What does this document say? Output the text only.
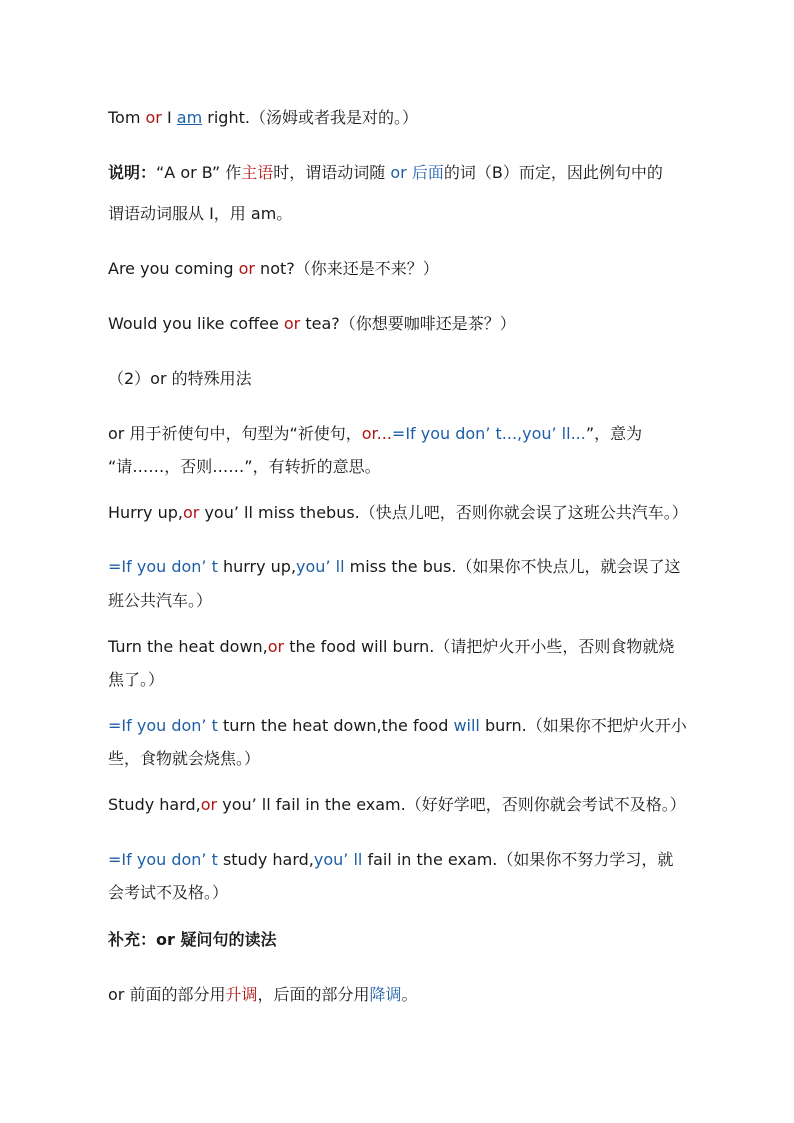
Tom or I am right.（汤姆或者我是对的。）
说明：“A or B” 作主语时，谓语动词随 or 后面的词（B）而定，因此例句中的
谓语动词服从 I，用 am。
Are you coming or not?（你来还是不来？）
Would you like coffee or tea?（你想要咖啡还是茶？）
（2）or 的特殊用法
or 用于祈使句中，句型为“祈使句，or...=If you don’ t...,you’ ll...”，意为
“请……，否则……”，有转折的意思。
Hurry up,or you’ ll miss thebus.（快点儿吧，否则你就会误了这班公共汽车。）
=If you don’ t hurry up,you’ ll miss the bus.（如果你不快点儿，就会误了这
班公共汽车。）
Turn the heat down,or the food will burn.（请把炉火开小些，否则食物就烧
焦了。）
=If you don’ t turn the heat down,the food will burn.（如果你不把炉火开小
些，食物就会烧焦。）
Study hard,or you’ ll fail in the exam.（好好学吧，否则你就会考试不及格。）
=If you don’ t study hard,you’ ll fail in the exam.（如果你不努力学习，就
会考试不及格。）
补充：or 疑问句的读法
or 前面的部分用升调，后面的部分用降调。
